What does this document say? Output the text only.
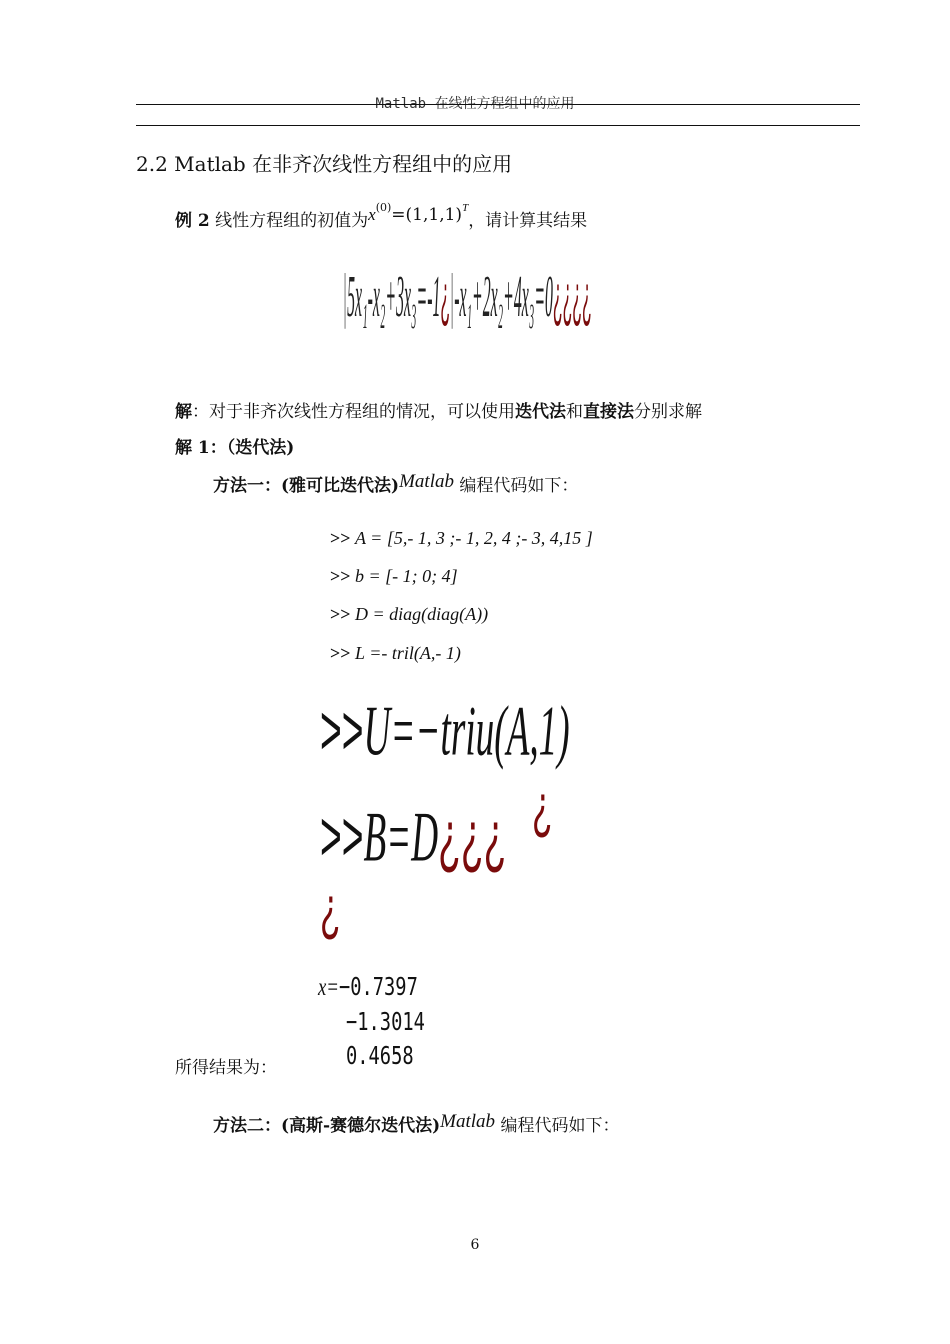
Matlab 在线性方程组中的应用
2.2 Matlab 在非齐次线性方程组中的应用
例 2 线性方程组的初值为$x^{(0)}=(1,1,1)^T$，请计算其结果
|5x₁-x₂+3x₃=-1¿|-x₁+2x₂+4x₃=0¿¿¿¿
解：对于非齐次线性方程组的情况，可以使用迭代法和直接法分别求解
解 1：（迭代法)
方法一：(雅可比迭代法)Matlab 编程代码如下：
>> A = [5,- 1, 3 ;- 1, 2, 4 ;- 3, 4,15 ]
>> b = [- 1; 0; 4]
>> D = diag(diag(A))
>> L =- tril(A,- 1)
>>U=−triu(A,1)
¿
>>B=D¿¿¿
¿
所得结果为：
x=−0.7397
−1.3014
0.4658
方法二：(高斯-赛德尔迭代法)Matlab 编程代码如下：
6
